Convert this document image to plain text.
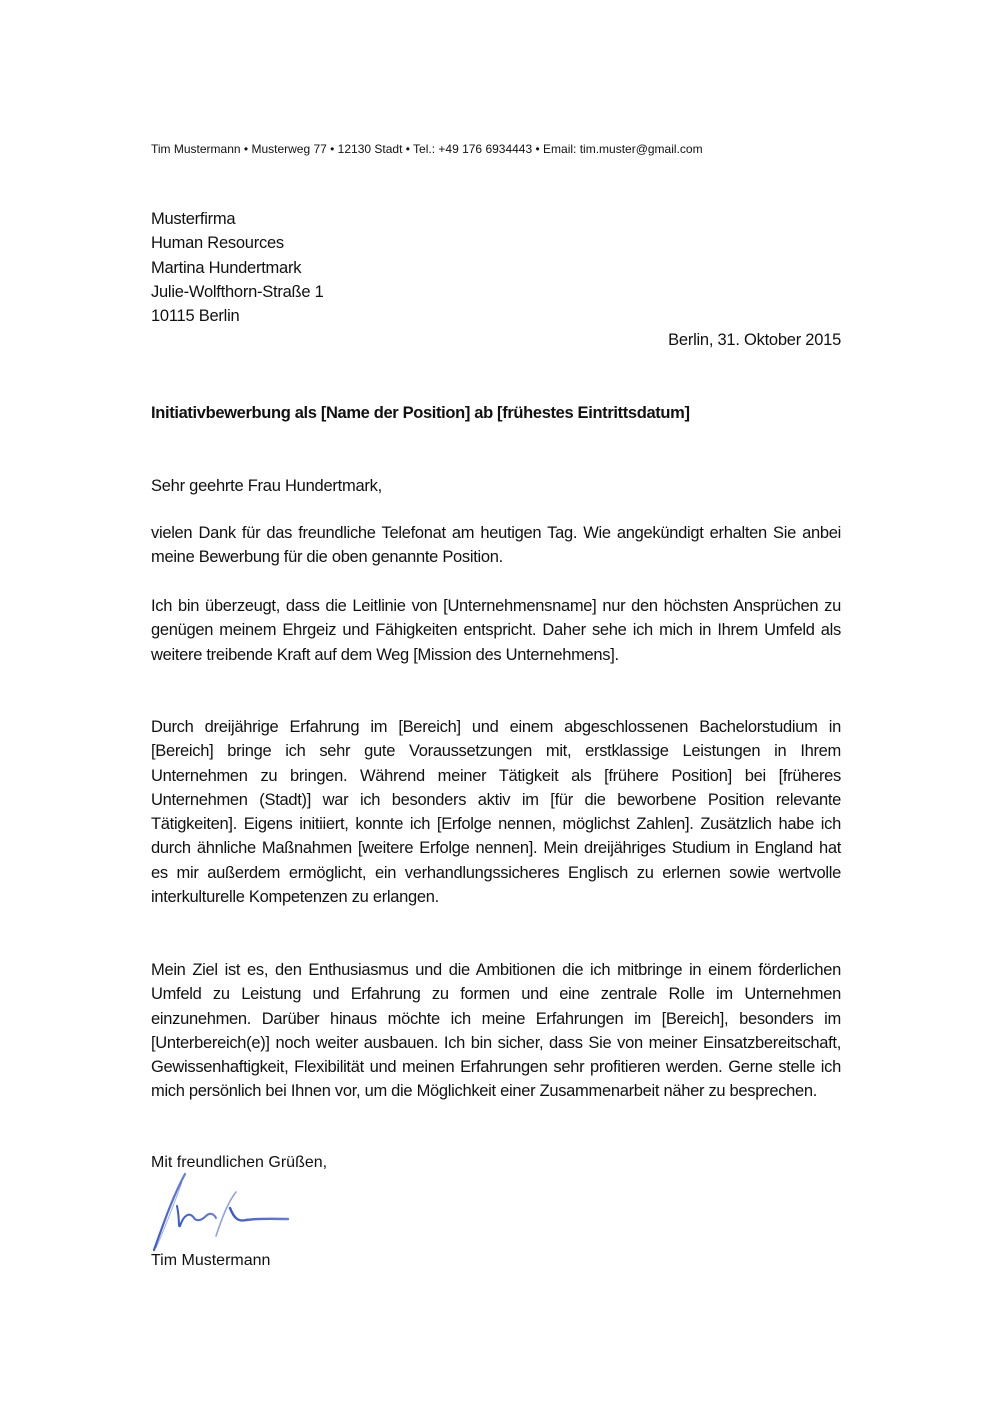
Tim Mustermann • Musterweg 77 • 12130 Stadt • Tel.: +49 176 6934443 • Email: tim.muster@gmail.com
Musterfirma
Human Resources
Martina Hundertmark
Julie-Wolfthorn-Straße 1
10115 Berlin
Berlin, 31. Oktober 2015
Initiativbewerbung als [Name der Position] ab [frühestes Eintrittsdatum]
Sehr geehrte Frau Hundertmark,

vielen Dank für das freundliche Telefonat am heutigen Tag. Wie angekündigt erhalten Sie anbei meine Bewerbung für die oben genannte Position.

Ich bin überzeugt, dass die Leitlinie von [Unternehmensname] nur den höchsten Ansprüchen zu genügen meinem Ehrgeiz und Fähigkeiten entspricht. Daher sehe ich mich in Ihrem Umfeld als weitere treibende Kraft auf dem Weg [Mission des Unternehmens].

Durch dreijährige Erfahrung im [Bereich] und einem abgeschlossenen Bachelorstudium in [Bereich] bringe ich sehr gute Voraussetzungen mit, erstklassige Leistungen in Ihrem Unternehmen zu bringen. Während meiner Tätigkeit als [frühere Position] bei [früheres Unternehmen (Stadt)] war ich besonders aktiv im [für die beworbene Position relevante Tätigkeiten]. Eigens initiiert, konnte ich [Erfolge nennen, möglichst Zahlen]. Zusätzlich habe ich durch ähnliche Maßnahmen [weitere Erfolge nennen]. Mein dreijähriges Studium in England hat es mir außerdem ermöglicht, ein verhandlungssicheres Englisch zu erlernen sowie wertvolle interkulturelle Kompetenzen zu erlangen.

Mein Ziel ist es, den Enthusiasmus und die Ambitionen die ich mitbringe in einem förderlichen Umfeld zu Leistung und Erfahrung zu formen und eine zentrale Rolle im Unternehmen einzunehmen. Darüber hinaus möchte ich meine Erfahrungen im [Bereich], besonders im [Unterbereich(e)] noch weiter ausbauen. Ich bin sicher, dass Sie von meiner Einsatzbereitschaft, Gewissenhaftigkeit, Flexibilität und meinen Erfahrungen sehr profitieren werden. Gerne stelle ich mich persönlich bei Ihnen vor, um die Möglichkeit einer Zusammenarbeit näher zu besprechen.

Mit freundlichen Grüßen,
Tim Mustermann
